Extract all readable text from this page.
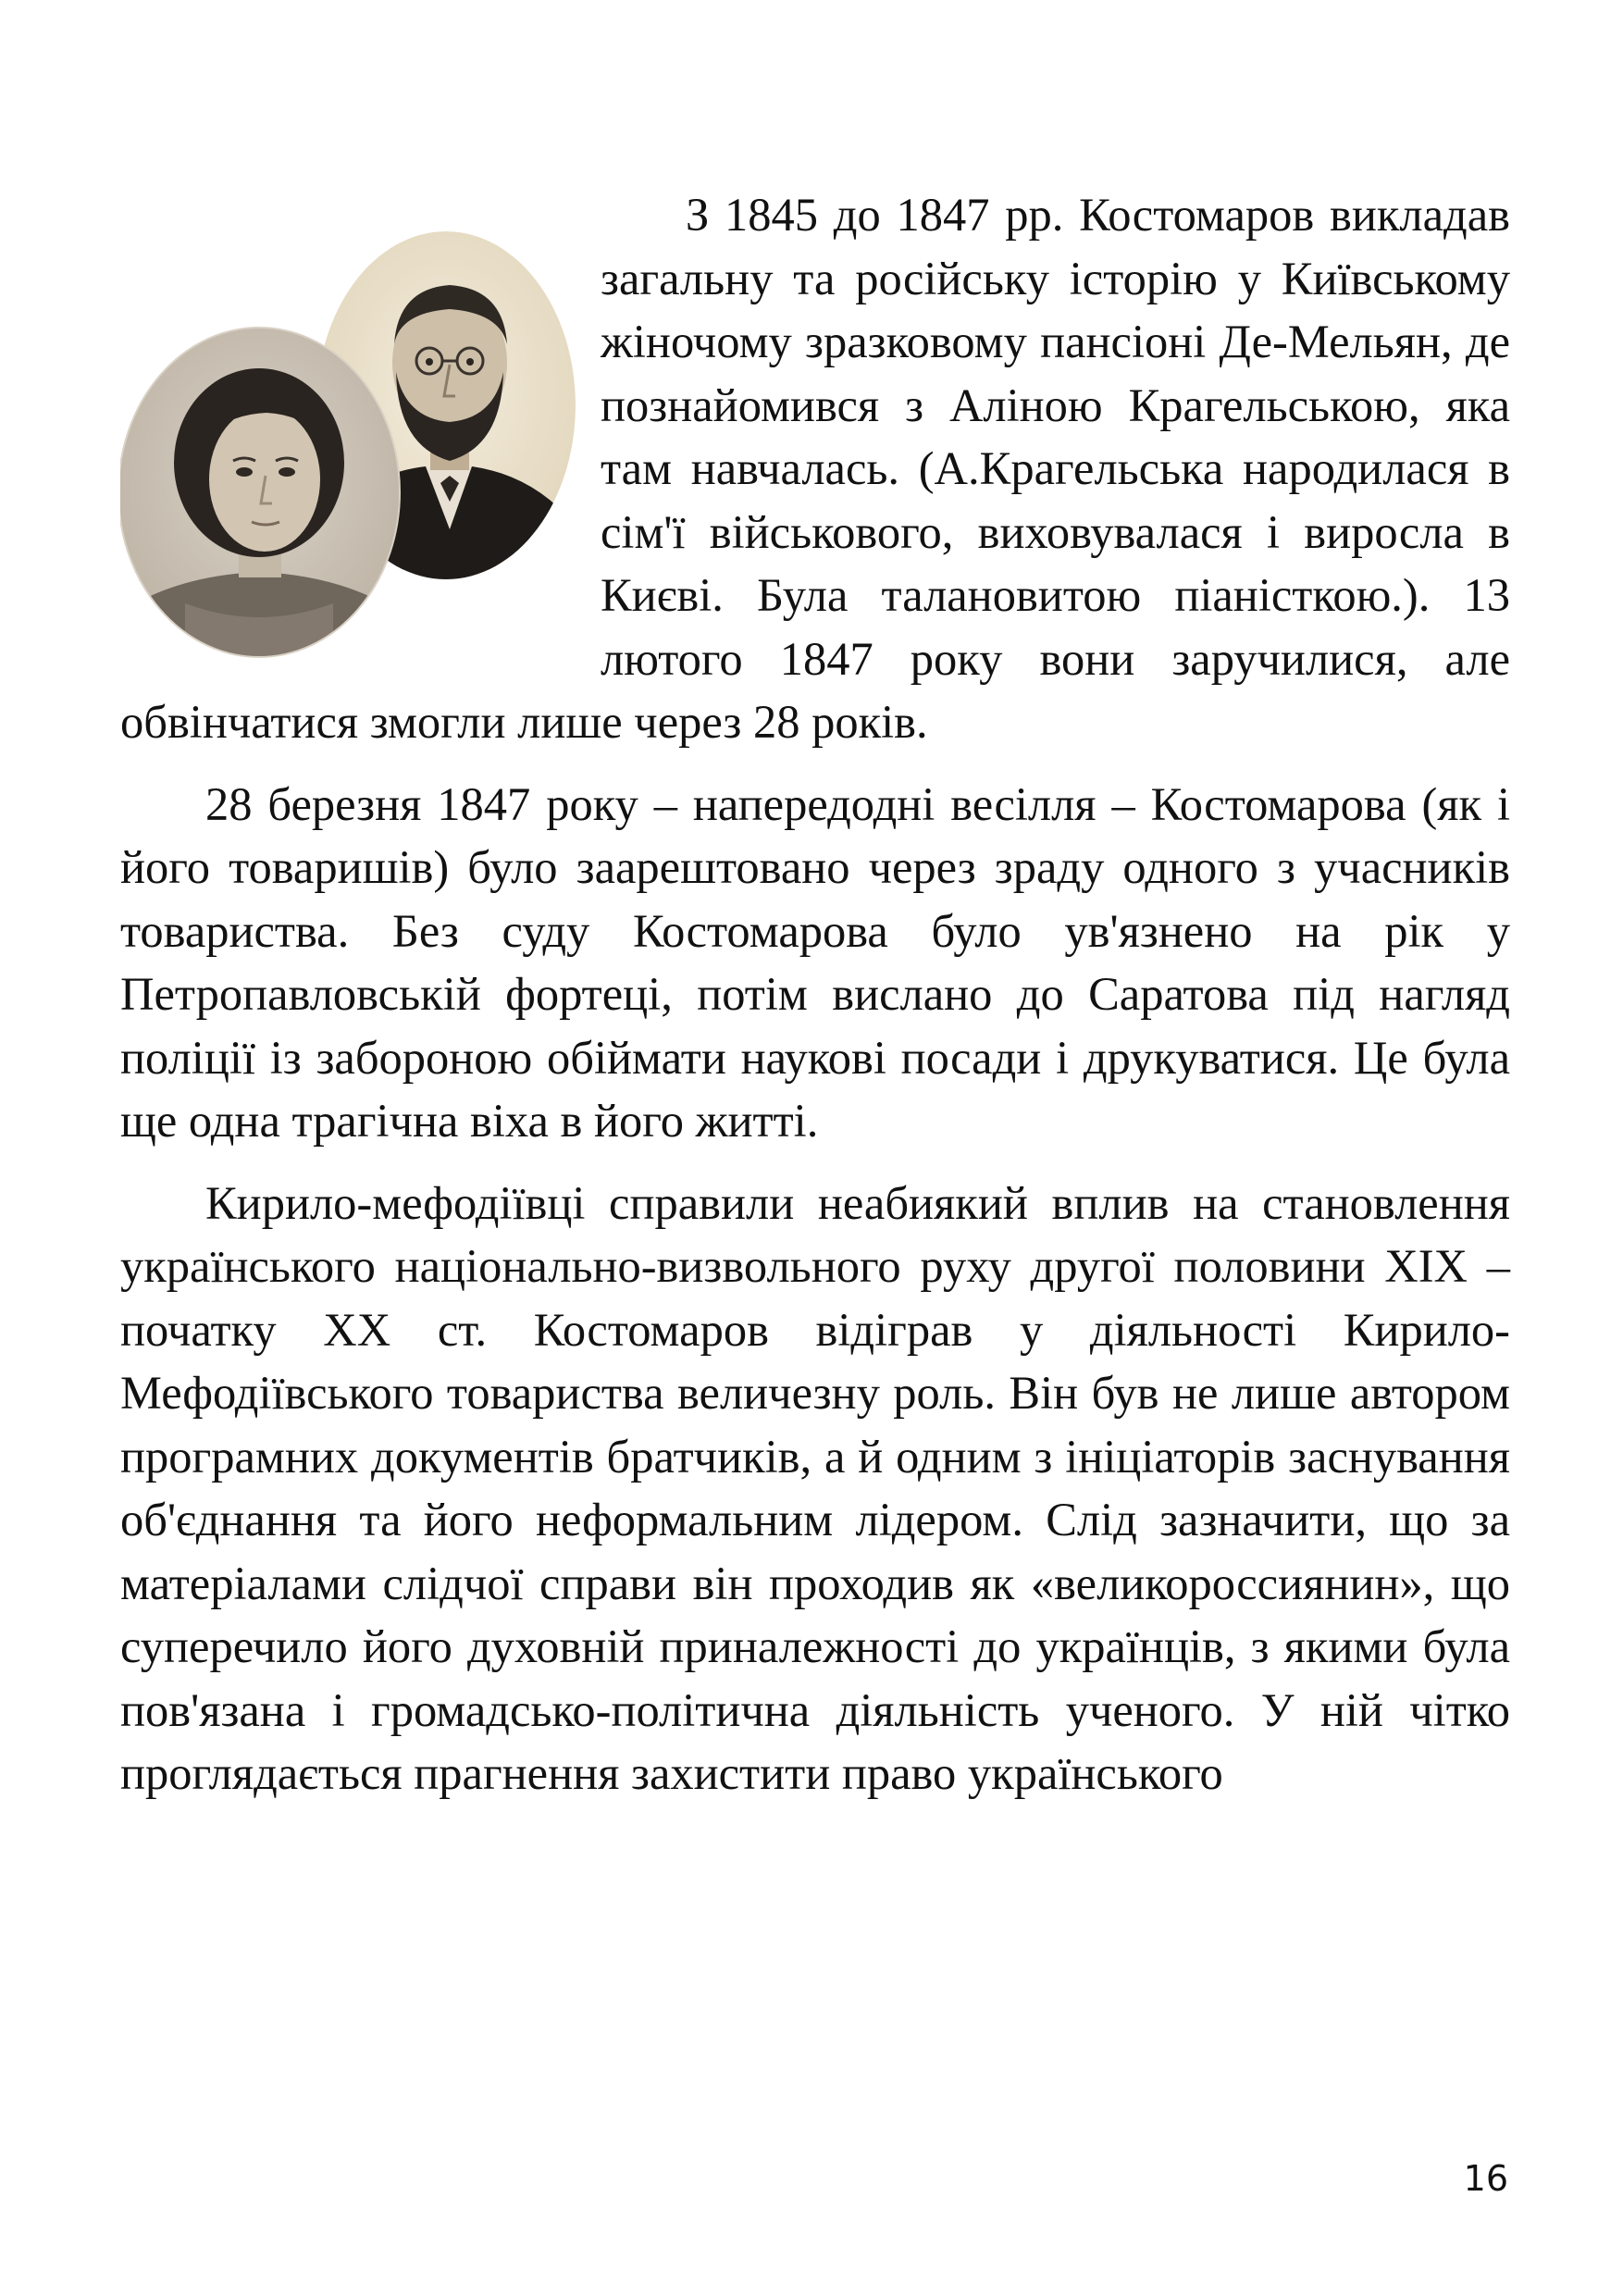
З 1845 до 1847 рр. Костомаров викладав загальну та російську історію у Київському жіночому зразковому пансіоні Де-Мельян, де познайомився з Аліною Крагельською, яка там навчалась. (А.Крагельська народилася в сім'ї військового, виховувалася і виросла в Києві. Була талановитою піаністкою.). 13 лютого 1847 року вони заручилися, але обвінчатися змогли лише через 28 років.

28 березня 1847 року – напередодні весілля – Костомарова (як і його товаришів) було заарештовано через зраду одного з учасників товариства. Без суду Костомарова було ув'язнено на рік у Петропавловській фортеці, потім вислано до Саратова під нагляд поліції із забороною обіймати наукові посади і друкуватися. Це була ще одна трагічна віха в його житті.

Кирило-мефодіївці справили неабиякий вплив на становлення українського національно-визвольного руху другої половини XIX – початку XX ст. Костомаров відіграв у діяльності Кирило-Мефодіївського товариства величезну роль. Він був не лише автором програмних документів братчиків, а й одним з ініціаторів заснування об'єднання та його неформальним лідером. Слід зазначити, що за матеріалами слідчої справи він проходив як «великороссиянин», що суперечило його духовній приналежності до українців, з якими була пов'язана і громадсько-політична діяльність ученого. У ній чітко проглядається прагнення захистити право українського

16
